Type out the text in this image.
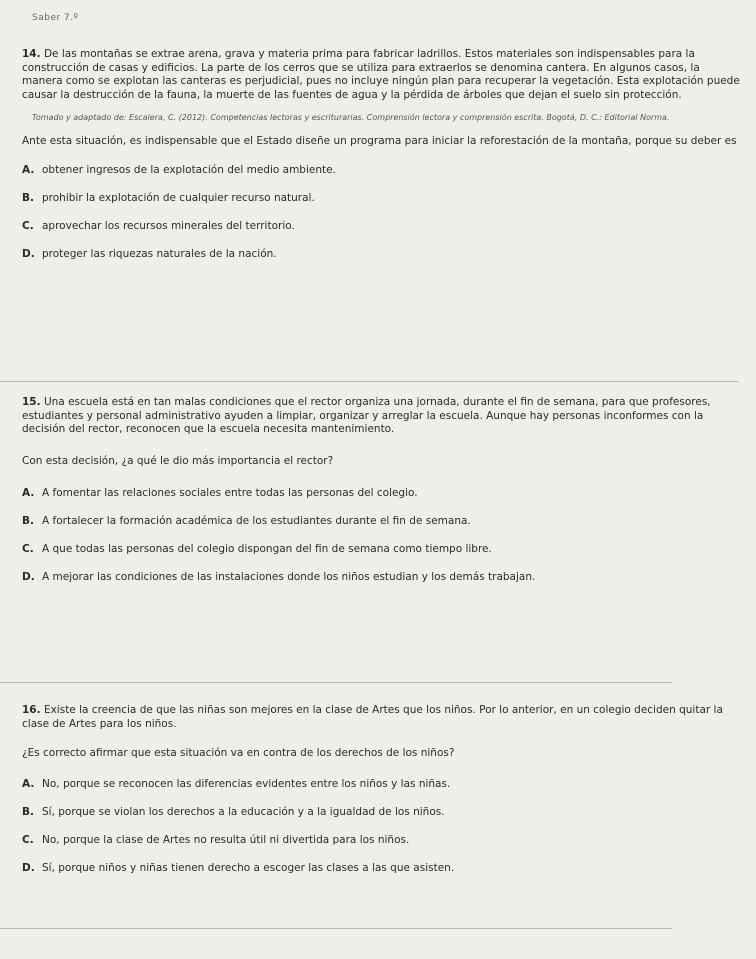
Saber 7.º

14. De las montañas se extrae arena, grava y materia prima para fabricar ladrillos. Estos materiales son indispensables para la construcción de casas y edificios. La parte de los cerros que se utiliza para extraerlos se denomina cantera. En algunos casos, la manera como se explotan las canteras es perjudicial, pues no incluye ningún plan para recuperar la vegetación. Esta explotación puede causar la destrucción de la fauna, la muerte de las fuentes de agua y la pérdida de árboles que dejan el suelo sin protección.

Tomado y adaptado de: Escalera, C. (2012). Competencias lectoras y escriturarias. Comprensión lectora y comprensión escrita. Bogotá, D. C.: Editorial Norma.

Ante esta situación, es indispensable que el Estado diseñe un programa para iniciar la reforestación de la montaña, porque su deber es

A. obtener ingresos de la explotación del medio ambiente.
B. prohibir la explotación de cualquier recurso natural.
C. aprovechar los recursos minerales del territorio.
D. proteger las riquezas naturales de la nación.

15. Una escuela está en tan malas condiciones que el rector organiza una jornada, durante el fin de semana, para que profesores, estudiantes y personal administrativo ayuden a limpiar, organizar y arreglar la escuela. Aunque hay personas inconformes con la decisión del rector, reconocen que la escuela necesita mantenimiento.

Con esta decisión, ¿a qué le dio más importancia el rector?

A. A fomentar las relaciones sociales entre todas las personas del colegio.
B. A fortalecer la formación académica de los estudiantes durante el fin de semana.
C. A que todas las personas del colegio dispongan del fin de semana como tiempo libre.
D. A mejorar las condiciones de las instalaciones donde los niños estudian y los demás trabajan.

16. Existe la creencia de que las niñas son mejores en la clase de Artes que los niños. Por lo anterior, en un colegio deciden quitar la clase de Artes para los niños.

¿Es correcto afirmar que esta situación va en contra de los derechos de los niños?

A. No, porque se reconocen las diferencias evidentes entre los niños y las niñas.
B. Sí, porque se violan los derechos a la educación y a la igualdad de los niños.
C. No, porque la clase de Artes no resulta útil ni divertida para los niños.
D. Sí, porque niños y niñas tienen derecho a escoger las clases a las que asisten.
